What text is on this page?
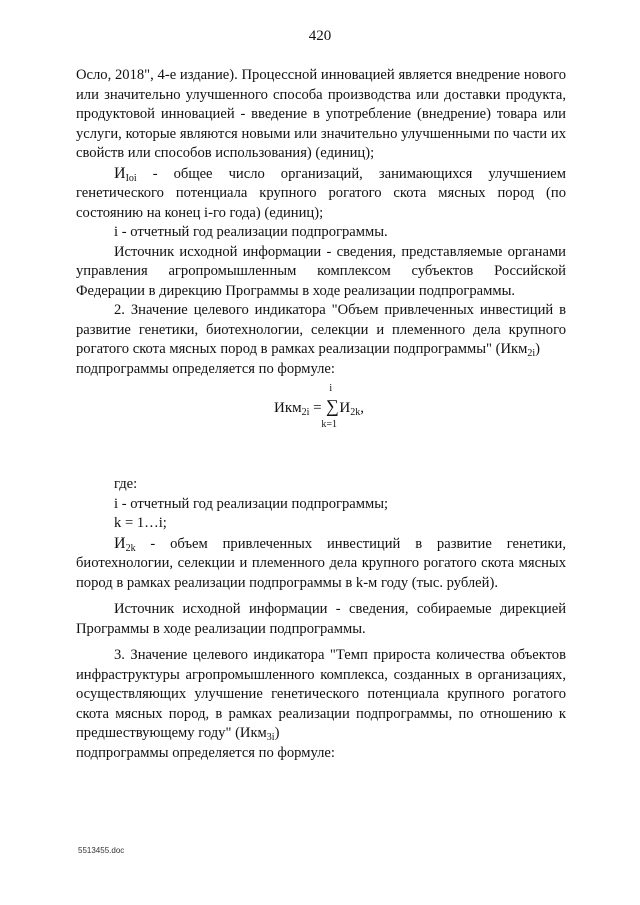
420

Осло, 2018", 4-е издание). Процессной инновацией является внедрение нового или значительно улучшенного способа производства или доставки продукта, продуктовой инновацией - введение в употребление (внедрение) товара или услуги, которые являются новыми или значительно улучшенными по части их свойств или способов использования) (единиц);

$И_{Ioi}$ - общее число организаций, занимающихся улучшением генетического потенциала крупного рогатого скота мясных пород (по состоянию на конец i-го года) (единиц);

i - отчетный год реализации подпрограммы.

Источник исходной информации - сведения, представляемые органами управления агропромышленным комплексом субъектов Российской Федерации в дирекцию Программы в ходе реализации подпрограммы.

2. Значение целевого индикатора "Объем привлеченных инвестиций в развитие генетики, биотехнологии, селекции и племенного дела крупного рогатого скота мясных пород в рамках реализации подпрограммы" (Икм$_{2i}$)
подпрограммы определяется по формуле:

Икм$_{2i}$ =
i
∑
k=1
$И_{2k}$,

где:

i - отчетный год реализации подпрограммы;

k = 1…i;

$И_{2k}$ - объем привлеченных инвестиций в развитие генетики, биотехнологии, селекции и племенного дела крупного рогатого скота мясных пород в рамках реализации подпрограммы в k-м году (тыс. рублей).

Источник исходной информации - сведения, собираемые дирекцией Программы в ходе реализации подпрограммы.

3. Значение целевого индикатора "Темп прироста количества объектов инфраструктуры агропромышленного комплекса, созданных в организациях, осуществляющих улучшение генетического потенциала крупного рогатого скота мясных пород, в рамках реализации подпрограммы, по отношению к предшествующему году" (Икм$_{3i}$)
подпрограммы определяется по формуле:

5513455.doc
